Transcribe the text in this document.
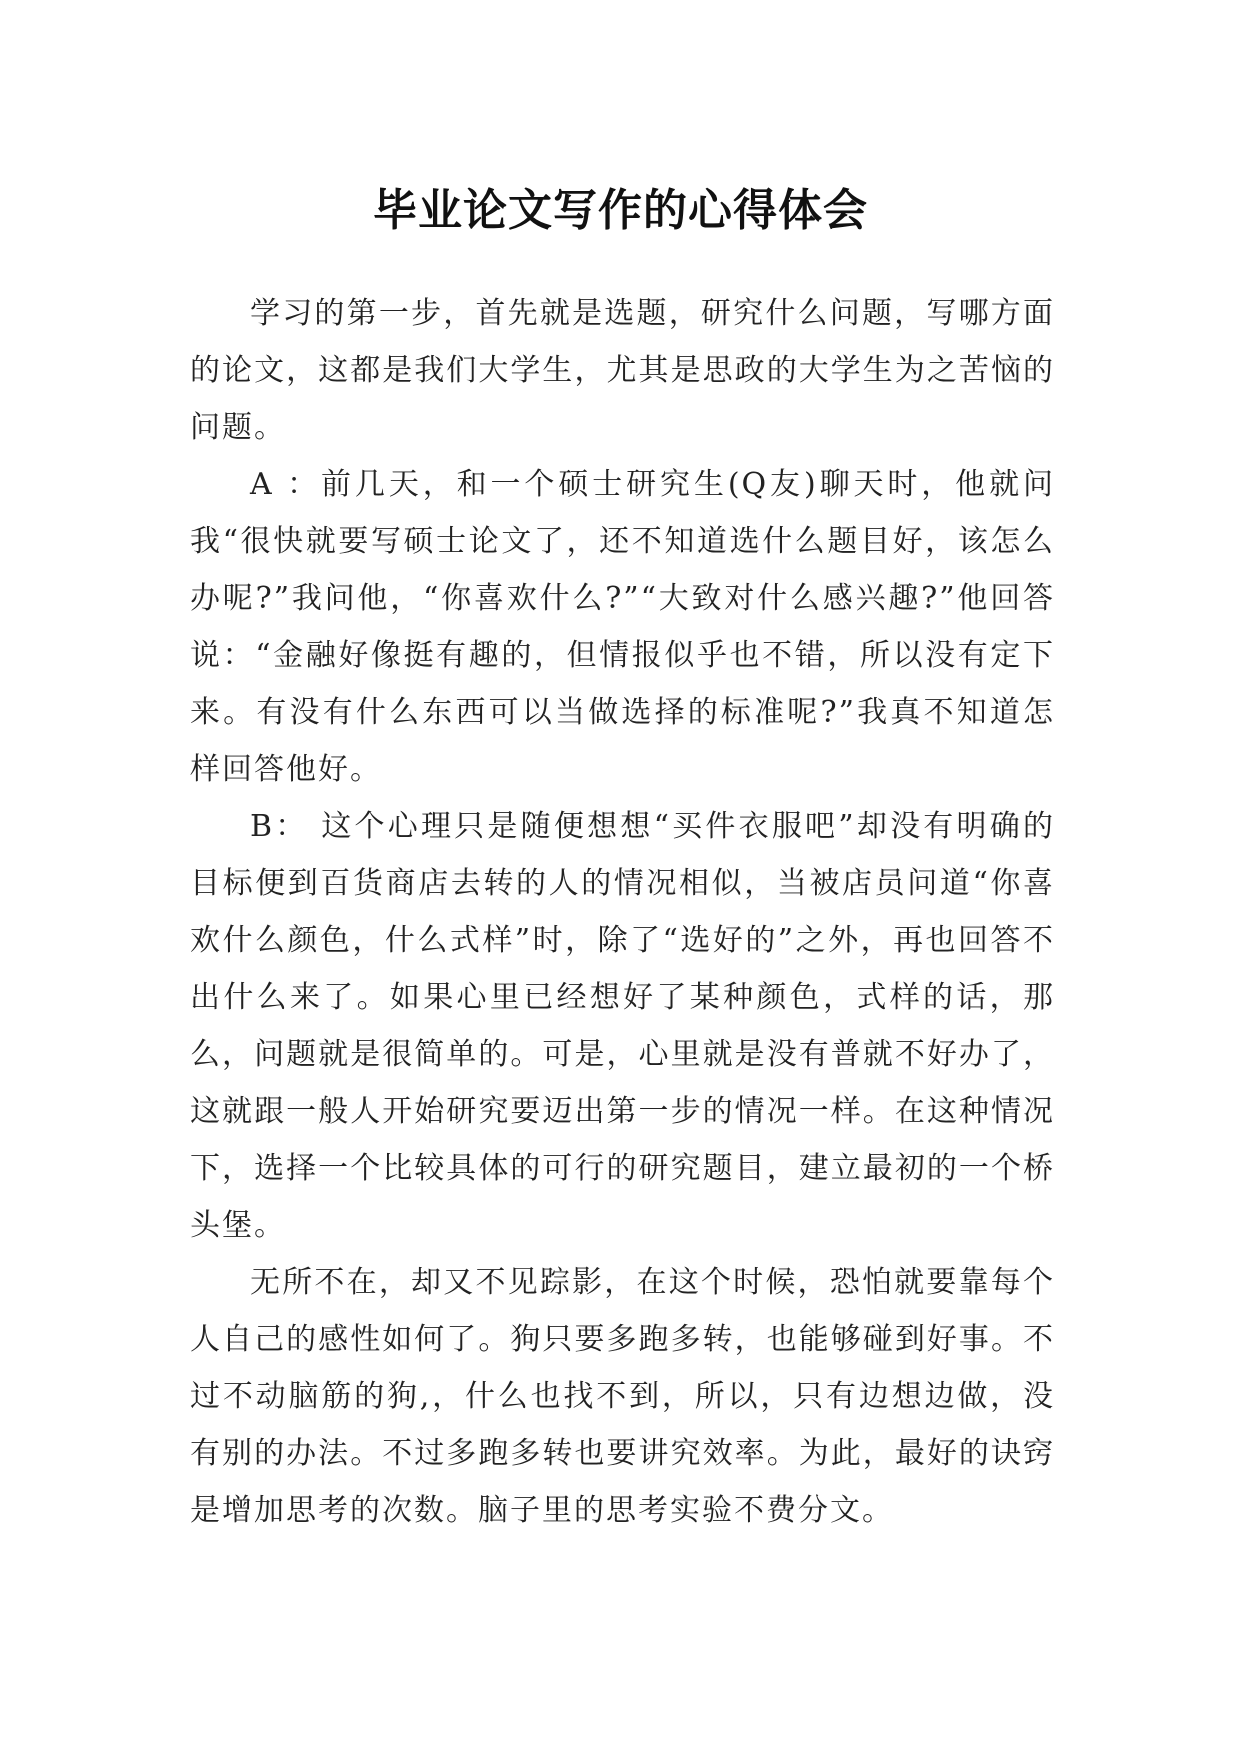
毕业论文写作的心得体会

学习的第一步，首先就是选题，研究什么问题，写哪方面的论文，这都是我们大学生，尤其是思政的大学生为之苦恼的问题。

A ：前几天，和一个硕士研究生(Q友)聊天时，他就问我“很快就要写硕士论文了，还不知道选什么题目好，该怎么办呢?”我问他，“你喜欢什么?”“大致对什么感兴趣?”他回答说：“金融好像挺有趣的，但情报似乎也不错，所以没有定下来。有没有什么东西可以当做选择的标准呢?”我真不知道怎样回答他好。

B： 这个心理只是随便想想“买件衣服吧”却没有明确的目标便到百货商店去转的人的情况相似，当被店员问道“你喜欢什么颜色，什么式样”时，除了“选好的”之外，再也回答不出什么来了。如果心里已经想好了某种颜色，式样的话，那么，问题就是很简单的。可是，心里就是没有普就不好办了，这就跟一般人开始研究要迈出第一步的情况一样。在这种情况下，选择一个比较具体的可行的研究题目，建立最初的一个桥头堡。

无所不在，却又不见踪影，在这个时候，恐怕就要靠每个人自己的感性如何了。狗只要多跑多转，也能够碰到好事。不过不动脑筋的狗,，什么也找不到，所以，只有边想边做，没有别的办法。不过多跑多转也要讲究效率。为此，最好的诀窍是增加思考的次数。脑子里的思考实验不费分文。
